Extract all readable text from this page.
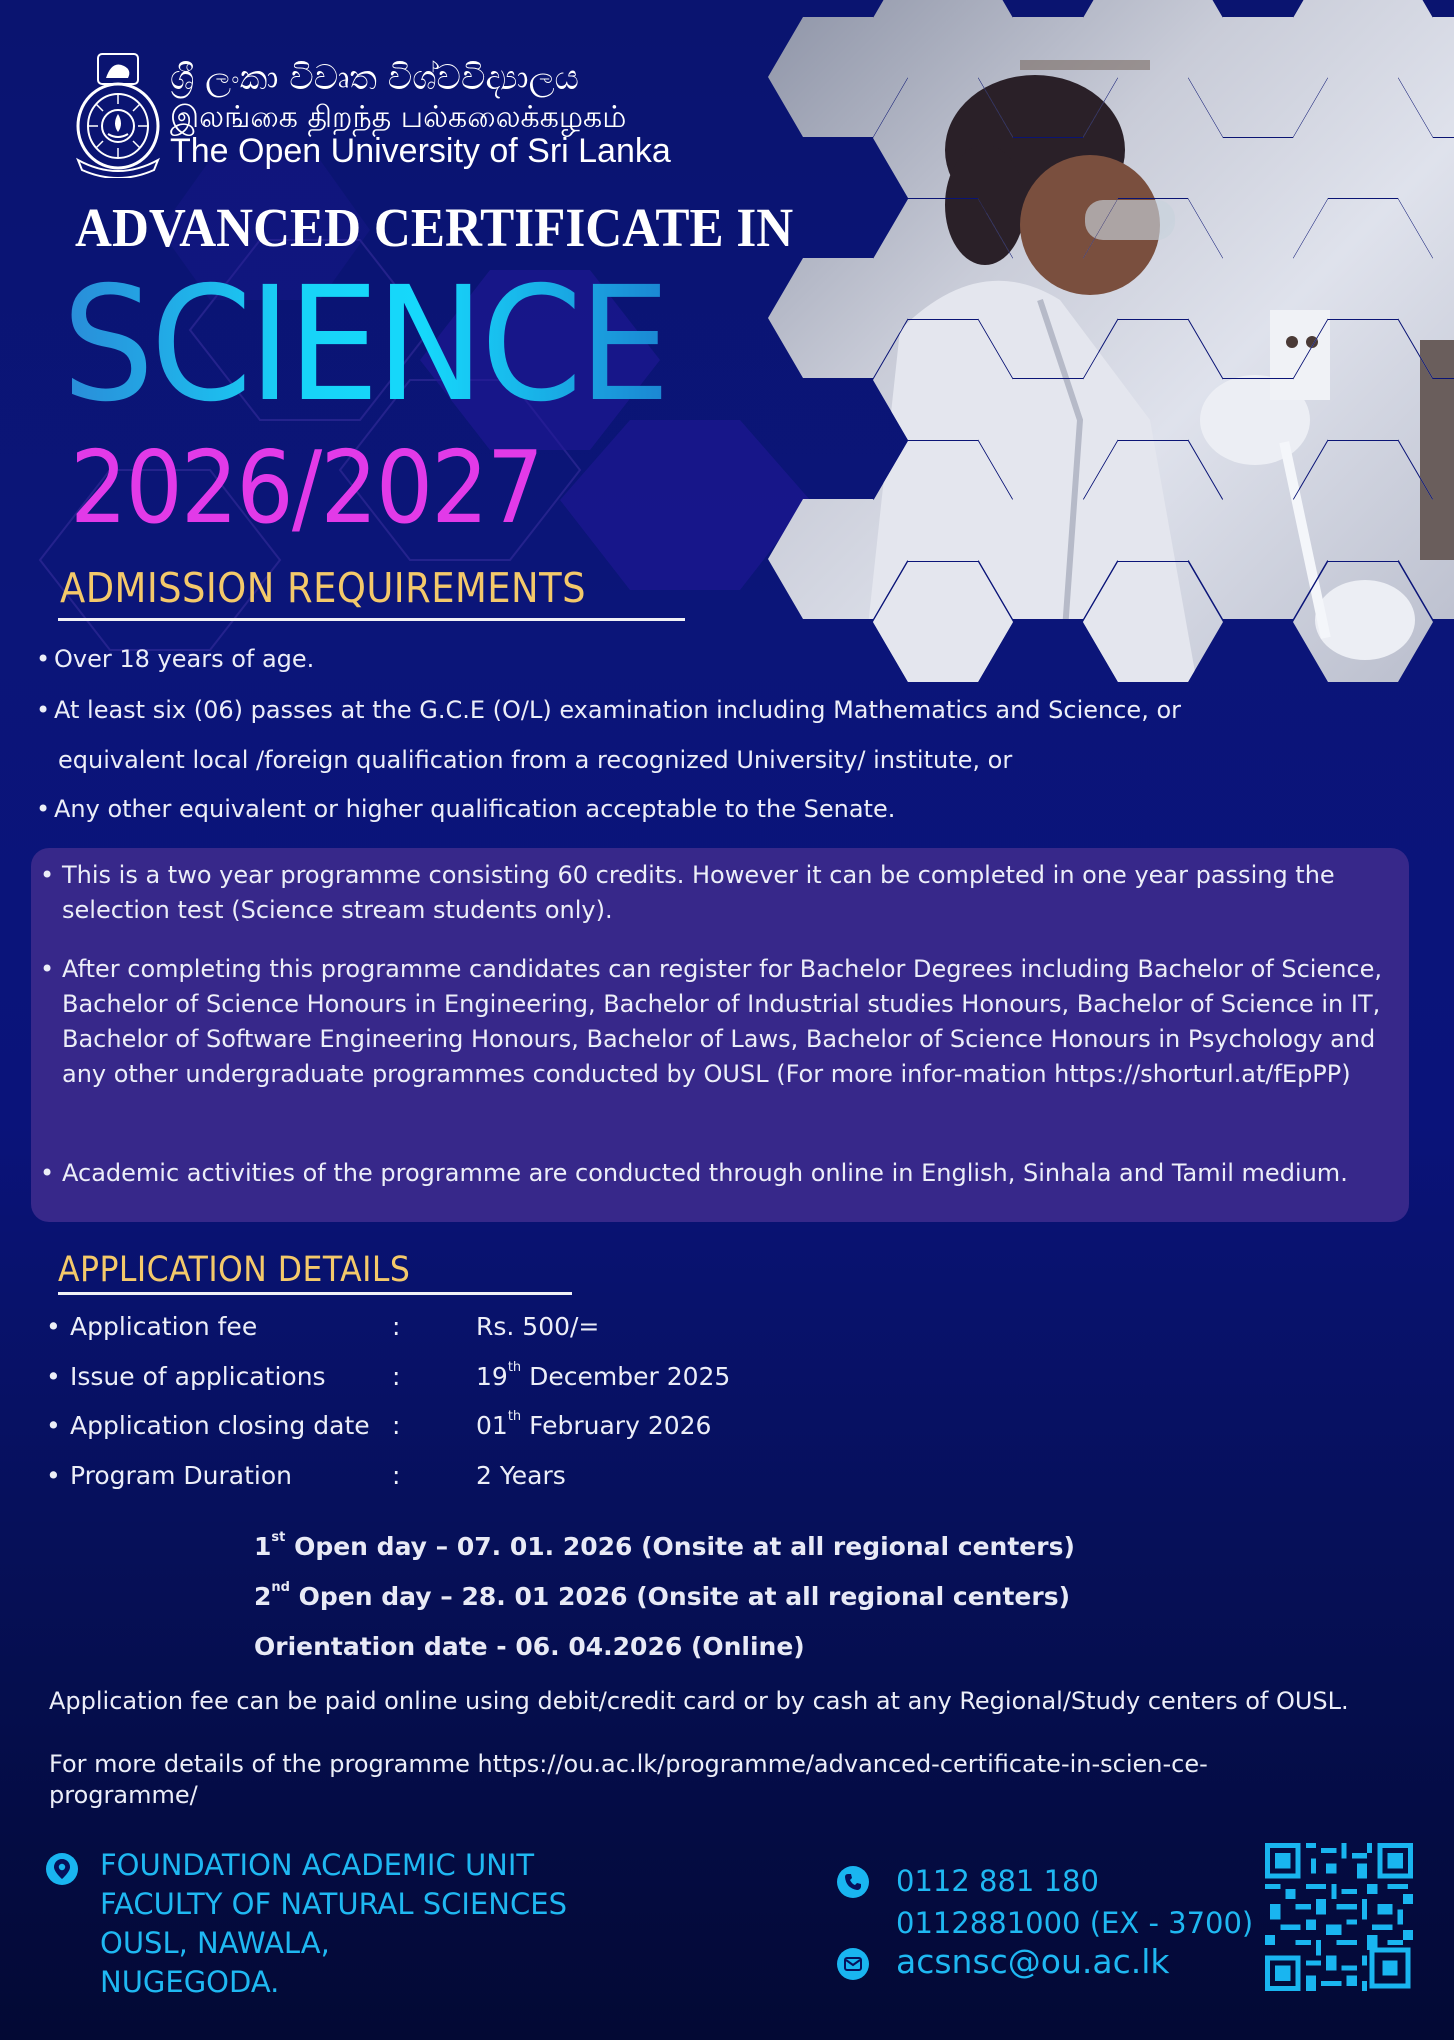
ශ්‍රී ලංකා විවෘත විශ්වවිද්‍යාලය
இலங்கை திறந்த பல்கலைக்கழகம்
The Open University of Sri Lanka
ADVANCED CERTIFICATE IN
SCIENCE
2026/2027
ADMISSION REQUIREMENTS
• Over 18 years of age.
• At least six (06) passes at the G.C.E (O/L) examination including Mathematics and Science, or
equivalent local /foreign qualification from a recognized University/ institute, or
• Any other equivalent or higher qualification acceptable to the Senate.
• This is a two year programme consisting 60 credits. However it can be completed in one year passing the selection test (Science stream students only).
• After completing this programme candidates can register for Bachelor Degrees including Bachelor of Science, Bachelor of Science Honours in Engineering, Bachelor of Industrial studies Honours, Bachelor of Science in IT, Bachelor of Software Engineering Honours, Bachelor of Laws, Bachelor of Science Honours in Psychology and any other undergraduate programmes conducted by OUSL (For more infor-mation https://shorturl.at/fEpPP)
• Academic activities of the programme are conducted through online in English, Sinhala and Tamil medium.
APPLICATION DETAILS
• Application fee	:	Rs. 500/=
• Issue of applications	:	19th December 2025
• Application closing date :	01th February 2026
• Program Duration	:	2 Years
1st Open day – 07. 01. 2026 (Onsite at all regional centers)
2nd Open day – 28. 01 2026 (Onsite at all regional centers)
Orientation date - 06. 04.2026 (Online)
Application fee can be paid online using debit/credit card or by cash at any Regional/Study centers of OUSL.
For more details of the programme https://ou.ac.lk/programme/advanced-certificate-in-scien-ce-programme/
FOUNDATION ACADEMIC UNIT
FACULTY OF NATURAL SCIENCES
OUSL, NAWALA,
NUGEGODA.
0112 881 180
0112881000 (EX - 3700)
acsnsc@ou.ac.lk
